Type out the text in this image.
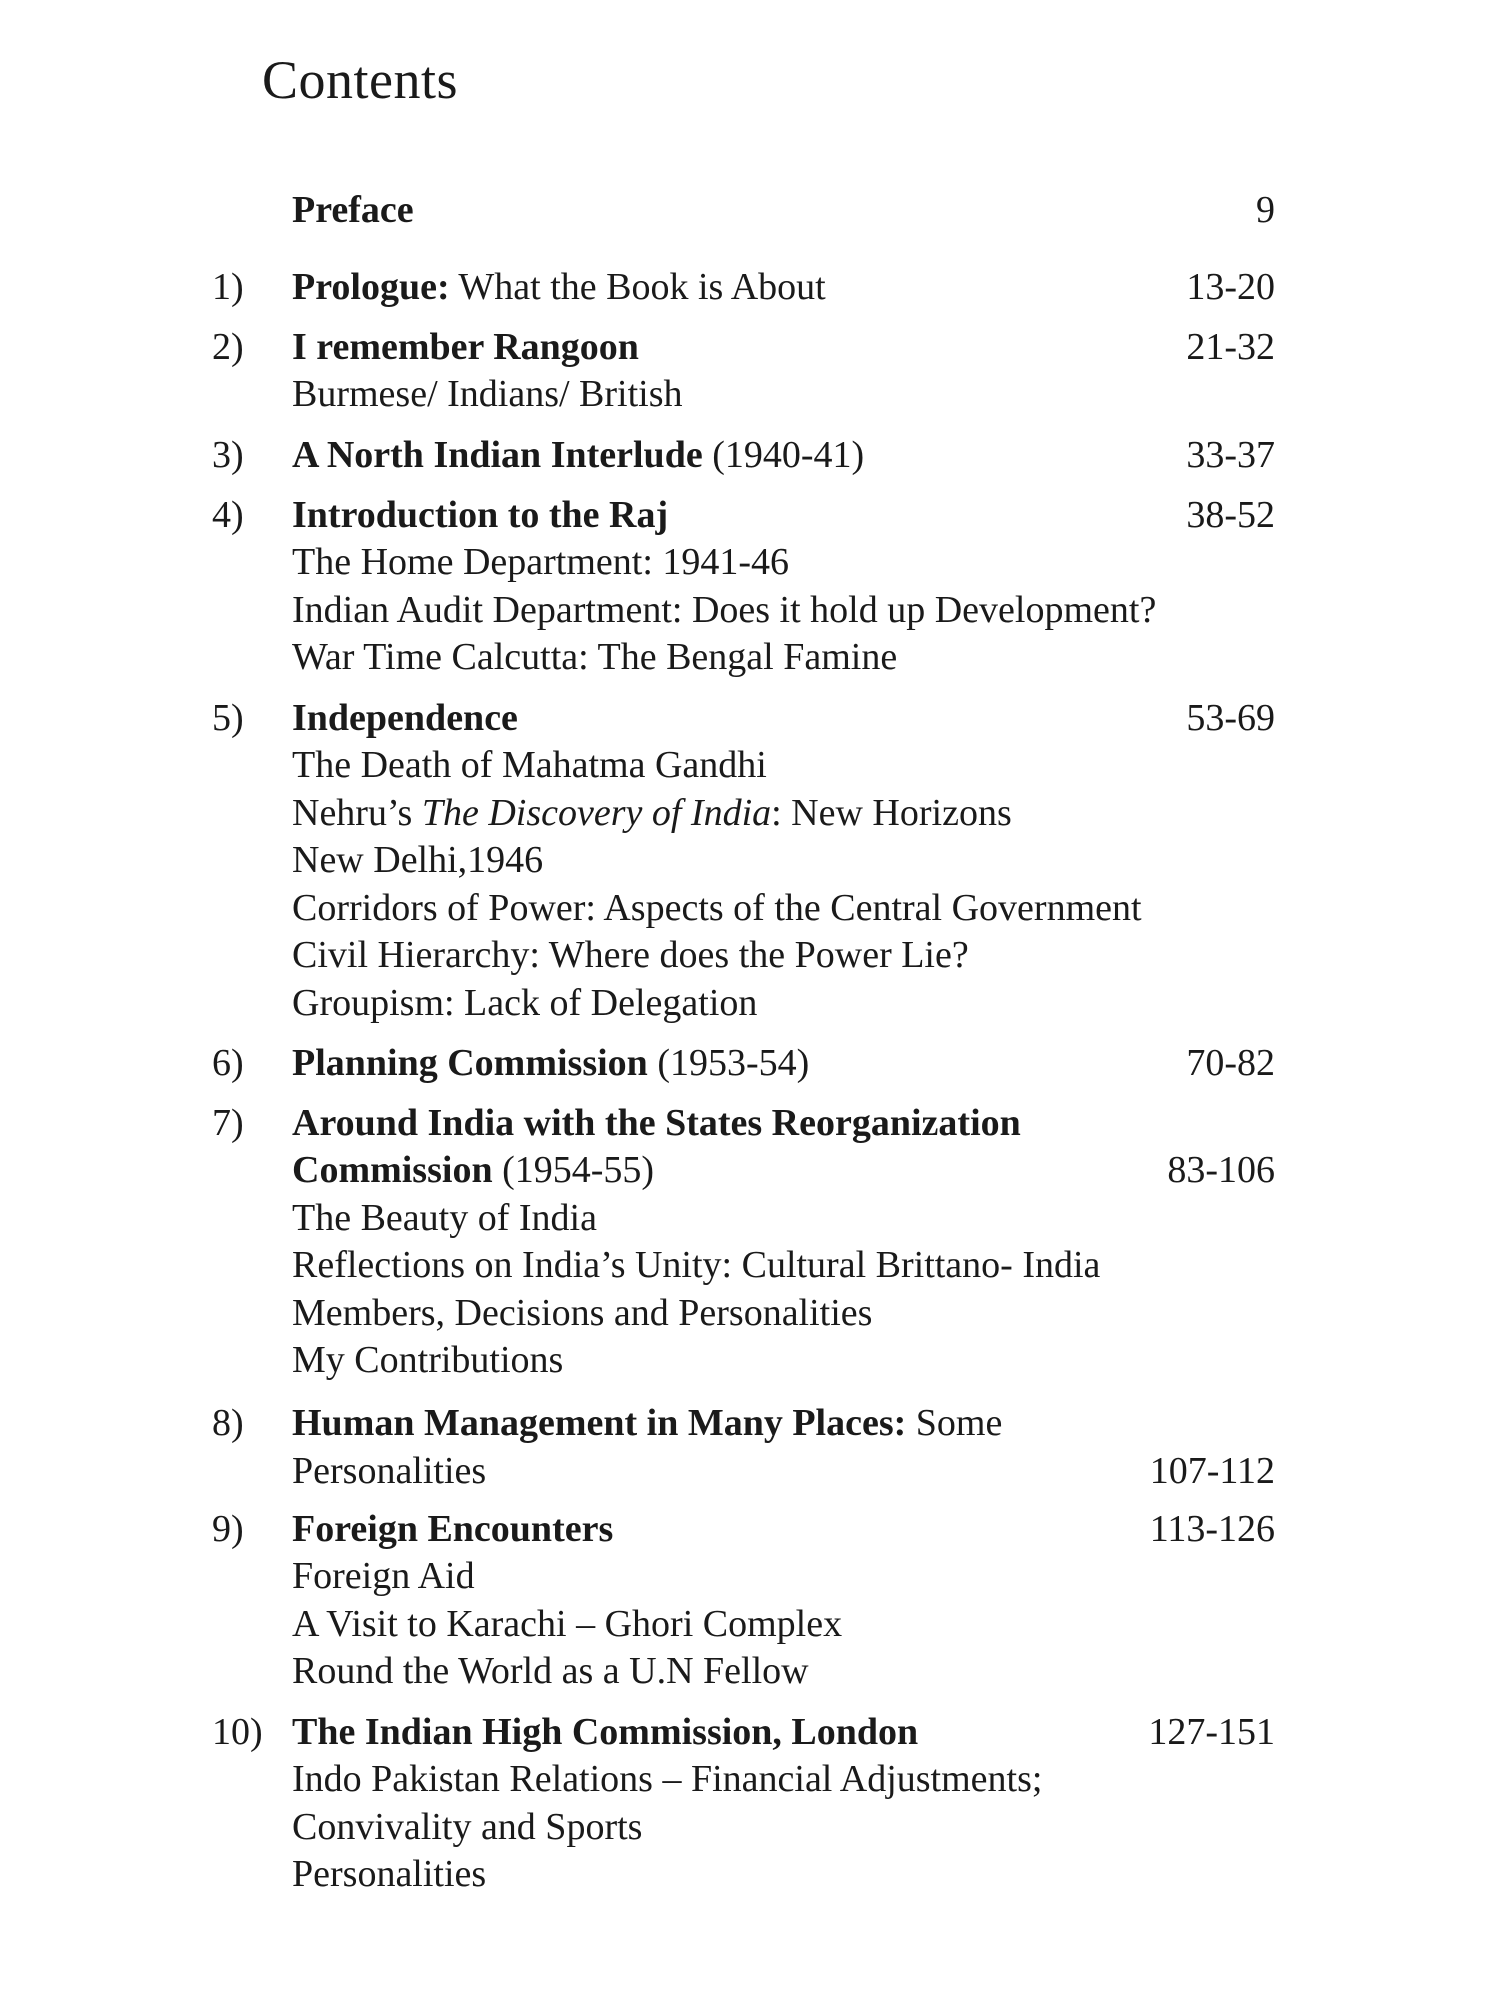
Contents
Preface	9
1) Prologue: What the Book is About	13-20
2) I remember Rangoon	21-32
Burmese/ Indians/ British
3) A North Indian Interlude (1940-41)	33-37
4) Introduction to the Raj	38-52
The Home Department: 1941-46
Indian Audit Department: Does it hold up Development?
War Time Calcutta: The Bengal Famine
5) Independence	53-69
The Death of Mahatma Gandhi
Nehru’s The Discovery of India: New Horizons
New Delhi,1946
Corridors of Power: Aspects of the Central Government
Civil Hierarchy: Where does the Power Lie?
Groupism: Lack of Delegation
6) Planning Commission (1953-54)	70-82
7) Around India with the States Reorganization
Commission (1954-55)	83-106
The Beauty of India
Reflections on India’s Unity: Cultural Brittano- India
Members, Decisions and Personalities
My Contributions
8) Human Management in Many Places: Some
Personalities	107-112
9) Foreign Encounters	113-126
Foreign Aid
A Visit to Karachi – Ghori Complex
Round the World as a U.N Fellow
10) The Indian High Commission, London	127-151
Indo Pakistan Relations – Financial Adjustments;
Convivality and Sports
Personalities
